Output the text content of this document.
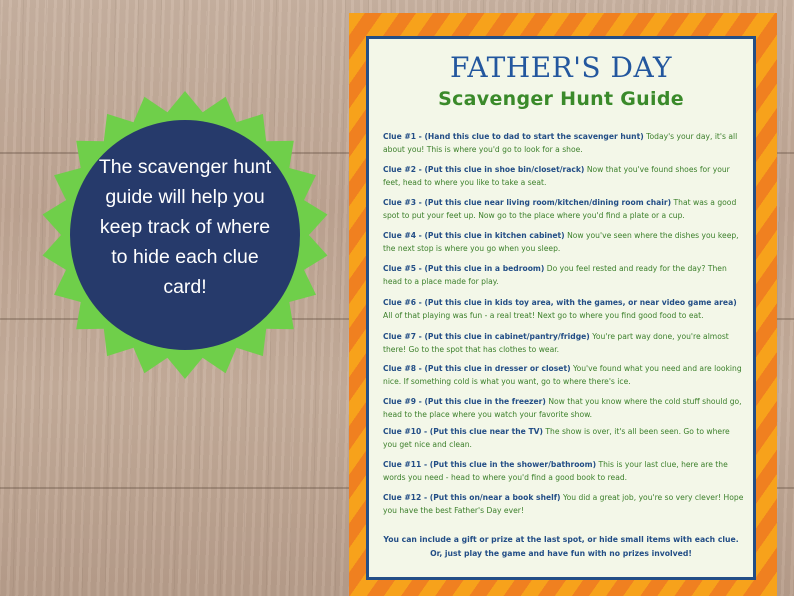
The scavenger hunt guide will help you keep track of where to hide each clue card!
FATHER'S DAY
Scavenger Hunt Guide
Clue #1 - (Hand this clue to dad to start the scavenger hunt) Today's your day, it's all about you! This is where you'd go to look for a shoe.
Clue #2 - (Put this clue in shoe bin/closet/rack) Now that you've found shoes for your feet, head to where you like to take a seat.
Clue #3 - (Put this clue near living room/kitchen/dining room chair) That was a good spot to put your feet up. Now go to the place where you'd find a plate or a cup.
Clue #4 - (Put this clue in kitchen cabinet) Now you've seen where the dishes you keep, the next stop is where you go when you sleep.
Clue #5 - (Put this clue in a bedroom) Do you feel rested and ready for the day? Then head to a place made for play.
Clue #6 - (Put this clue in kids toy area, with the games, or near video game area) All of that playing was fun - a real treat! Next go to where you find good food to eat.
Clue #7 - (Put this clue in cabinet/pantry/fridge) You're part way done, you're almost there! Go to the spot that has clothes to wear.
Clue #8 - (Put this clue in dresser or closet) You've found what you need and are looking nice. If something cold is what you want, go to where there's ice.
Clue #9 - (Put this clue in the freezer) Now that you know where the cold stuff should go, head to the place where you watch your favorite show.
Clue #10 - (Put this clue near the TV) The show is over, it's all been seen. Go to where you get nice and clean.
Clue #11 - (Put this clue in the shower/bathroom) This is your last clue, here are the words you need - head to where you'd find a good book to read.
Clue #12 - (Put this on/near a book shelf) You did a great job, you're so very clever! Hope you have the best Father's Day ever!
You can include a gift or prize at the last spot, or hide small items with each clue.
Or, just play the game and have fun with no prizes involved!
